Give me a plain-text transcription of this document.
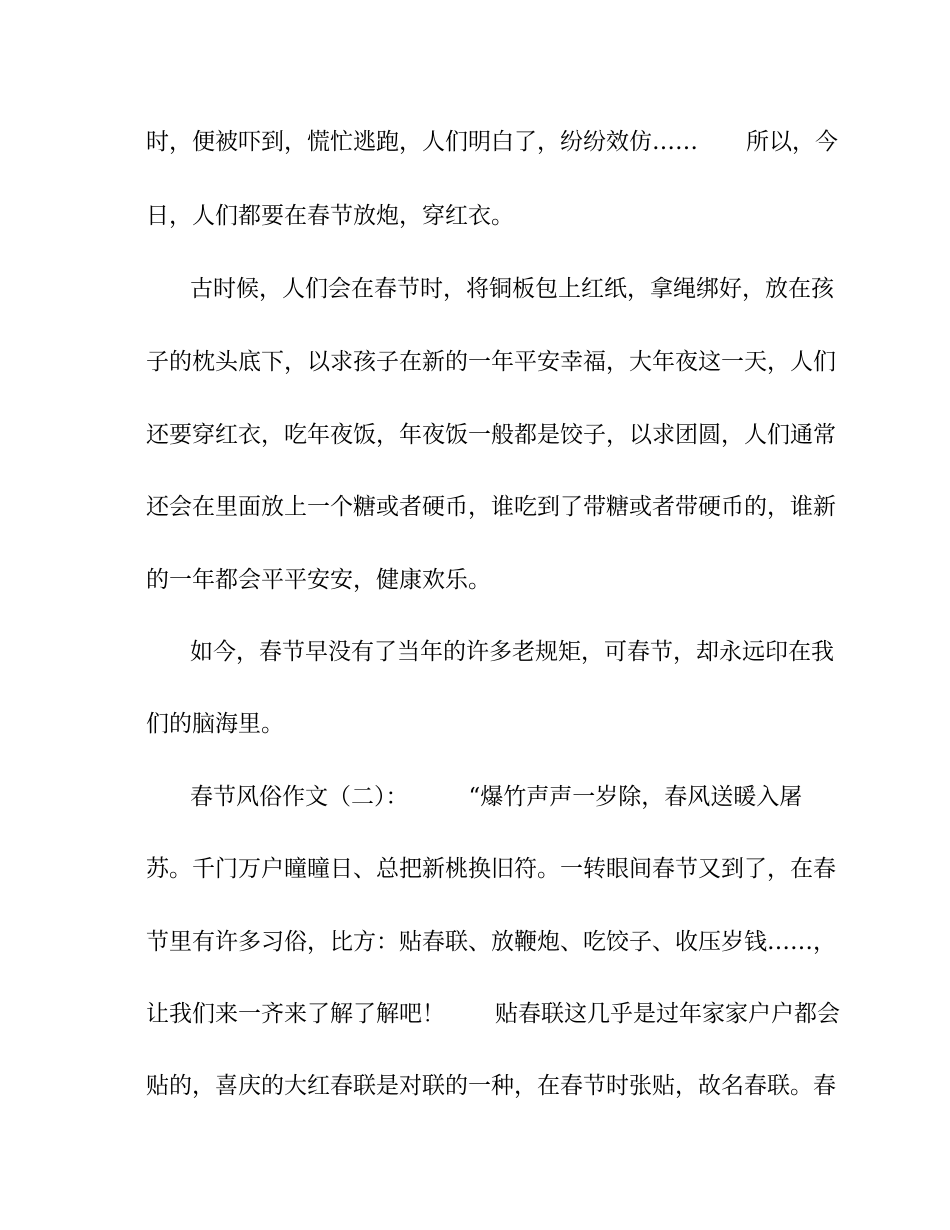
时，便被吓到，慌忙逃跑，人们明白了，纷纷效仿…… 所以，今
日，人们都要在春节放炮，穿红衣。
古时候，人们会在春节时，将铜板包上红纸，拿绳绑好，放在孩
子的枕头底下，以求孩子在新的一年平安幸福，大年夜这一天，人们
还要穿红衣，吃年夜饭，年夜饭一般都是饺子，以求团圆，人们通常
还会在里面放上一个糖或者硬币，谁吃到了带糖或者带硬币的，谁新
的一年都会平平安安，健康欢乐。
如今，春节早没有了当年的许多老规矩，可春节，却永远印在我
们的脑海里。
春节风俗作文（二）：	“爆竹声声一岁除，春风送暖入屠
苏。千门万户曈曈日、总把新桃换旧符。一转眼间春节又到了，在春
节里有许多习俗，比方：贴春联、放鞭炮、吃饺子、收压岁钱……，
让我们来一齐来了解了解吧！ 贴春联这几乎是过年家家户户都会
贴的，喜庆的大红春联是对联的一种，在春节时张贴，故名春联。春
